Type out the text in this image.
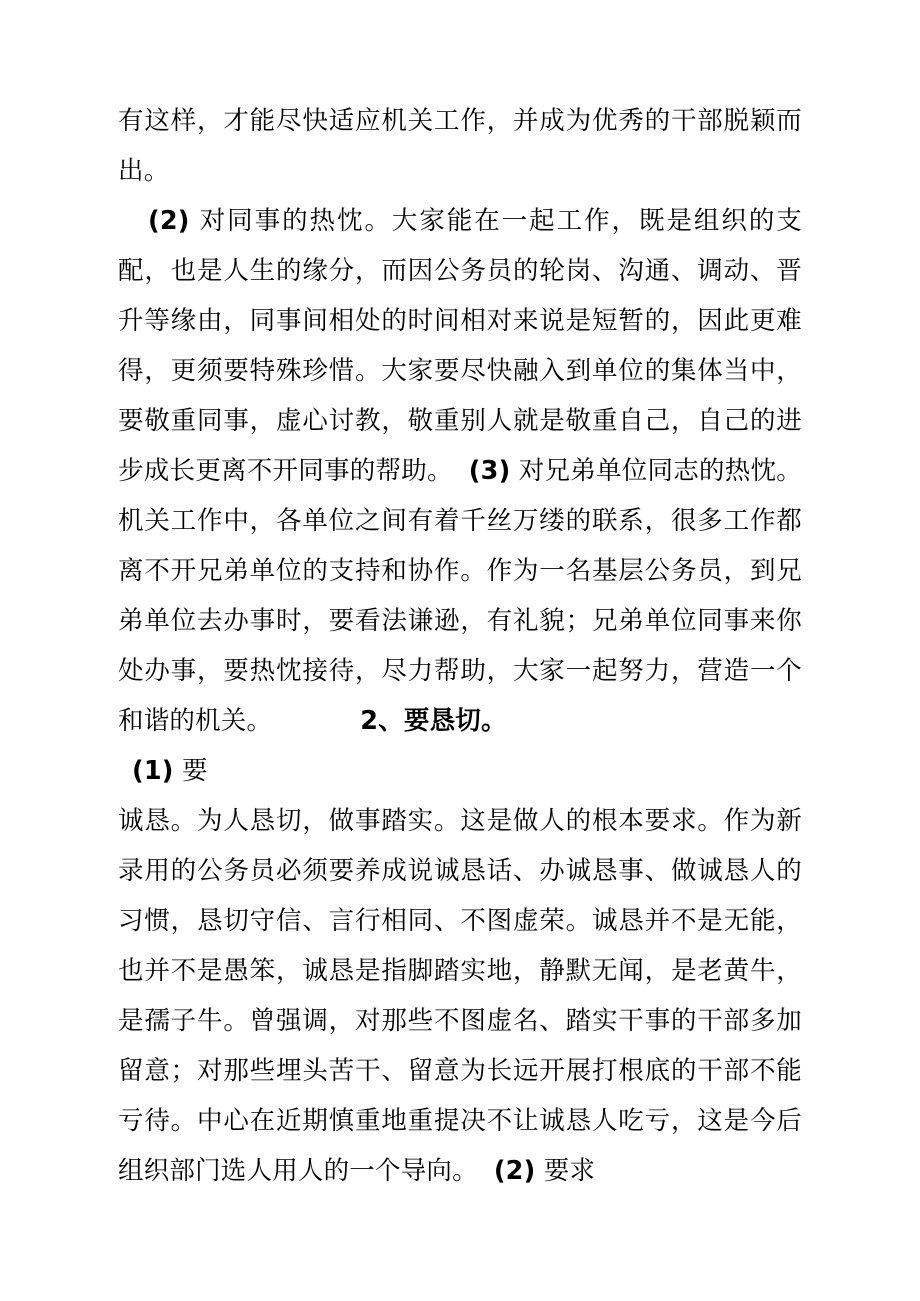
有这样，才能尽快适应机关工作，并成为优秀的干部脱颖而出。

(2) 对同事的热忱。大家能在一起工作，既是组织的支配，也是人生的缘分，而因公务员的轮岗、沟通、调动、晋升等缘由，同事间相处的时间相对来说是短暂的，因此更难得，更须要特殊珍惜。大家要尽快融入到单位的集体当中，要敬重同事，虚心讨教，敬重别人就是敬重自己，自己的进步成长更离不开同事的帮助。 (3) 对兄弟单位同志的热忱。机关工作中，各单位之间有着千丝万缕的联系，很多工作都离不开兄弟单位的支持和协作。作为一名基层公务员，到兄弟单位去办事时，要看法谦逊，有礼貌；兄弟单位同事来你处办事，要热忱接待，尽力帮助，大家一起努力，营造一个和谐的机关。	2、要恳切。

(1) 要

诚恳。为人恳切，做事踏实。这是做人的根本要求。作为新录用的公务员必须要养成说诚恳话、办诚恳事、做诚恳人的习惯，恳切守信、言行相同、不图虚荣。诚恳并不是无能，也并不是愚笨，诚恳是指脚踏实地，静默无闻，是老黄牛，是孺子牛。曾强调，对那些不图虚名、踏实干事的干部多加留意；对那些埋头苦干、留意为长远开展打根底的干部不能亏待。中心在近期慎重地重提决不让诚恳人吃亏，这是今后组织部门选人用人的一个导向。 (2) 要求
